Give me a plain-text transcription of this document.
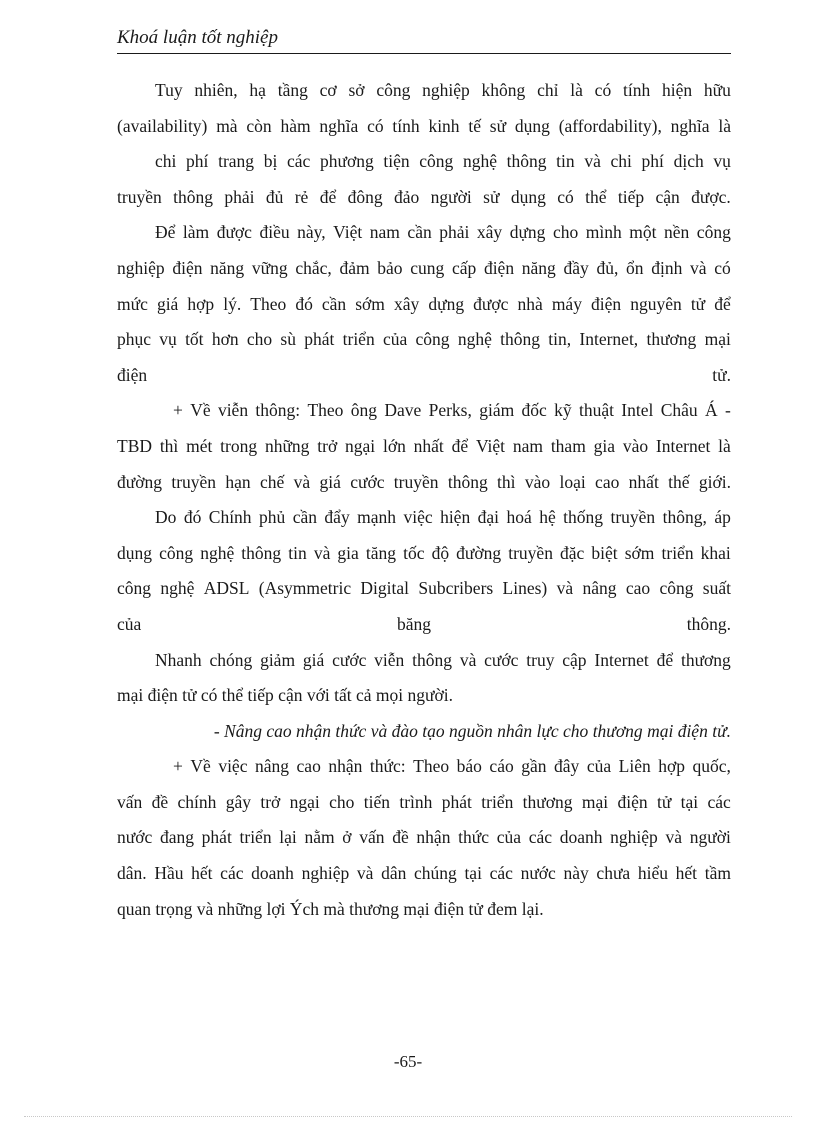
Khoá luận tốt nghiệp
Tuy nhiên, hạ tầng cơ sở công nghiệp không chỉ là có tính hiện hữu
(availability) mà còn hàm nghĩa có tính kinh tế sử dụng (affordability), nghĩa là
chi phí trang bị các phương tiện công nghệ thông tin và chi phí dịch vụ
truyền thông phải đủ rẻ để đông đảo người sử dụng có thể tiếp cận được.
Để làm được điều này, Việt nam cần phải xây dựng cho mình một nền công
nghiệp điện năng vững chắc, đảm bảo cung cấp điện năng đầy đủ, ổn định và có
mức giá hợp lý. Theo đó cần sớm xây dựng được nhà máy điện nguyên tử để
phục vụ tốt hơn cho sù phát triển của công nghệ thông tin, Internet, thương mại
điện	tử.
+ Về viễn thông: Theo ông Dave Perks, giám đốc kỹ thuật Intel Châu Á -
TBD thì mét trong những trở ngại lớn nhất để Việt nam tham gia vào Internet là
đường truyền hạn chế và giá cước truyền thông thì vào loại cao nhất thế giới.
Do đó Chính phủ cần đẩy mạnh việc hiện đại hoá hệ thống truyền thông, áp
dụng công nghệ thông tin và gia tăng tốc độ đường truyền đặc biệt sớm triển khai
công nghệ ADSL (Asymmetric Digital Subcribers Lines) và nâng cao công suất
của	băng	thông.
Nhanh chóng giảm giá cước viễn thông và cước truy cập Internet để thương
mại
điện
tử
có
thể
tiếp
cận
với
tất
cả
mọi
người.
-
Nâng
cao
nhận
thức
và
đào
tạo
nguồn
nhân
lực
cho
thương
mại
điện
tử.
+ Về việc nâng cao nhận thức: Theo báo cáo gần đây của Liên hợp quốc,
vấn đề chính gây trở ngại cho tiến trình phát triển thương mại điện tử tại các
nước đang phát triển lại nằm ở vấn đề nhận thức của các doanh nghiệp và người
dân. Hầu hết các doanh nghiệp và dân chúng tại các nước này chưa hiểu hết tầm
quan
trọng
và
những
lợi
Ých
mà
thương
mại
điện
tử
đem
lại.
-65-
